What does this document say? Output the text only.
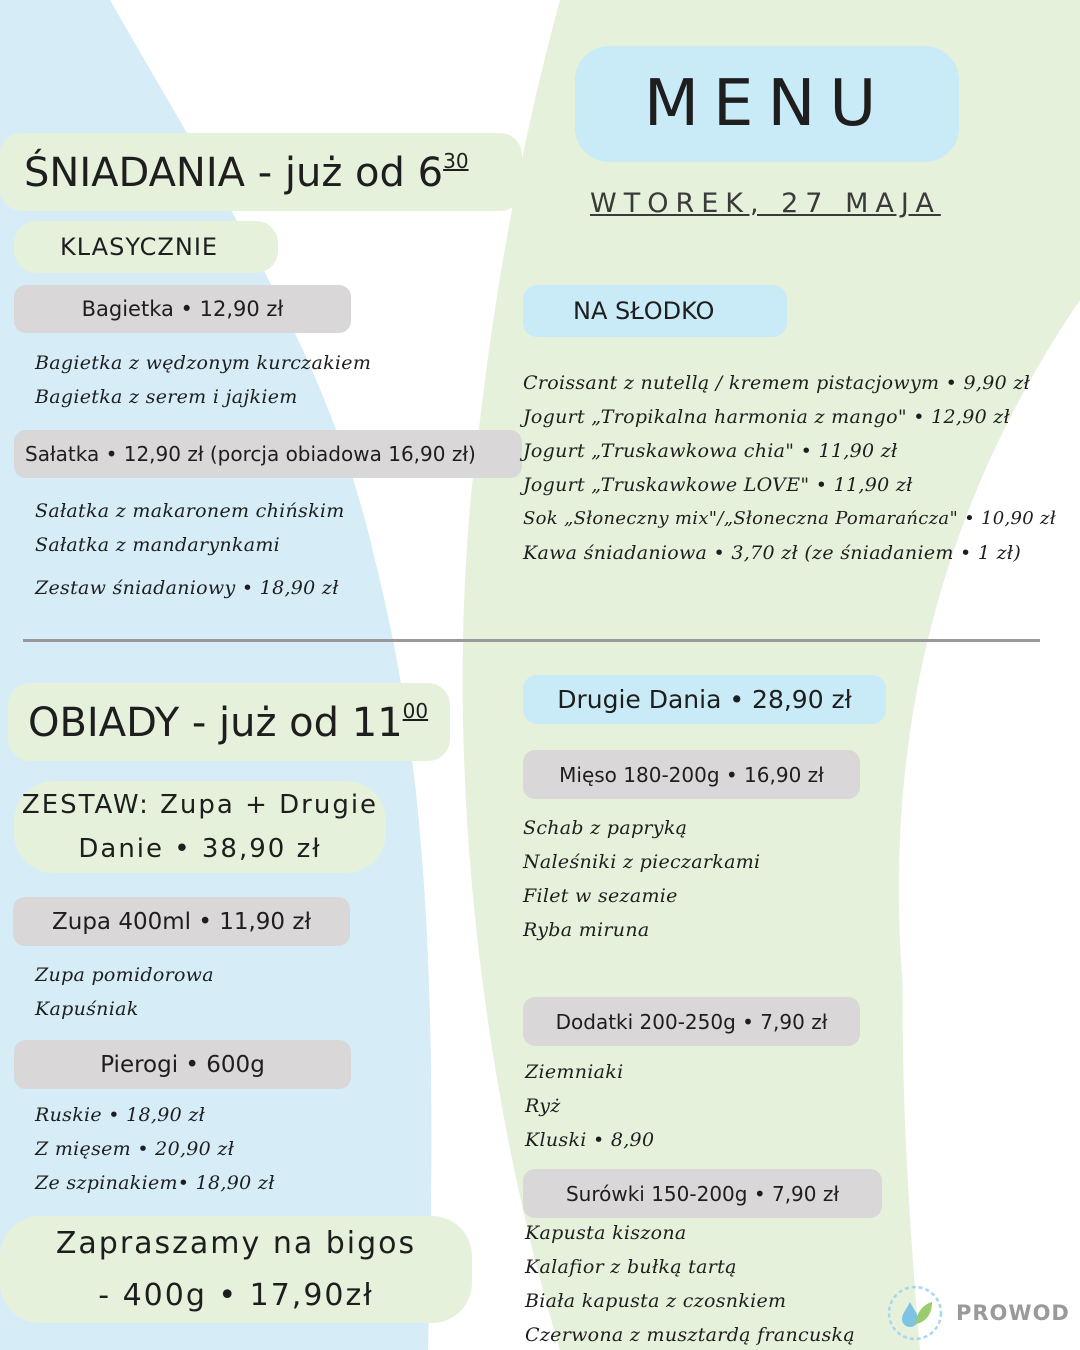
MENU
WTOREK, 27 MAJA
ŚNIADANIA - już od $6^{30}$
KLASYCZNIE
Bagietka • 12,90 zł
Bagietka z wędzonym kurczakiem
Bagietka z serem i jajkiem
Sałatka • 12,90 zł (porcja obiadowa 16,90 zł)
Sałatka z makaronem chińskim
Sałatka z mandarynkami
Zestaw śniadaniowy • 18,90 zł
NA SŁODKO
Croissant z nutellą / kremem pistacjowym • 9,90 zł
Jogurt „Tropikalna harmonia z mango" • 12,90 zł
Jogurt „Truskawkowa chia" • 11,90 zł
Jogurt „Truskawkowe LOVE" • 11,90 zł
Sok „Słoneczny mix"/„Słoneczna Pomarańcza" • 10,90 zł
Kawa śniadaniowa • 3,70 zł (ze śniadaniem • 1 zł)
OBIADY - już od $11^{00}$
ZESTAW: Zupa + Drugie
Danie • 38,90 zł
Zupa 400ml • 11,90 zł
Zupa pomidorowa
Kapuśniak
Pierogi • 600g
Ruskie • 18,90 zł
Z mięsem • 20,90 zł
Ze szpinakiem• 18,90 zł
Zapraszamy na bigos
- 400g • 17,90zł
Drugie Dania • 28,90 zł
Mięso 180-200g • 16,90 zł
Schab z papryką
Naleśniki z pieczarkami
Filet w sezamie
Ryba miruna
Dodatki 200-250g • 7,90 zł
Ziemniaki
Ryż
Kluski • 8,90
Surówki 150-200g • 7,90 zł
Kapusta kiszona
Kalafior z bułką tartą
Biała kapusta z czosnkiem
Czerwona z musztardą francuską
PROWOD
